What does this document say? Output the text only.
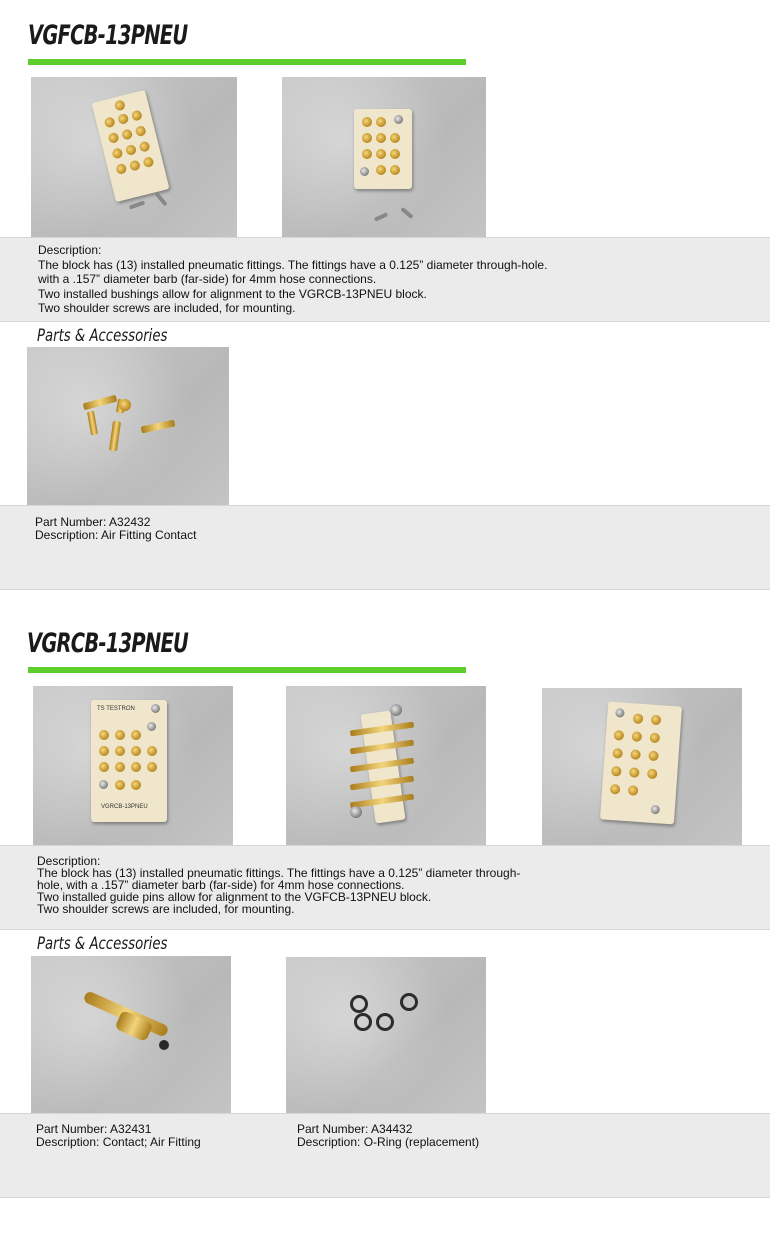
VGFCB-13PNEU
Description:
The block has (13) installed pneumatic fittings. The fittings have a 0.125” diameter through-hole.
with a .157” diameter barb (far-side) for 4mm hose connections.
Two installed bushings allow for alignment to the VGRCB-13PNEU block.
Two shoulder screws are included, for mounting.
Parts & Accessories
Part Number: A32432
Description: Air Fitting Contact
VGRCB-13PNEU
TS TESTRON
VGRCB-13PNEU
Description:
The block has (13) installed pneumatic fittings. The fittings have a 0.125” diameter through-
hole, with a .157” diameter barb (far-side) for 4mm hose connections.
Two installed guide pins allow for alignment to the VGFCB-13PNEU block.
Two shoulder screws are included, for mounting.
Parts & Accessories
Part Number: A32431
Description: Contact; Air Fitting
Part Number: A34432
Description: O-Ring (replacement)
